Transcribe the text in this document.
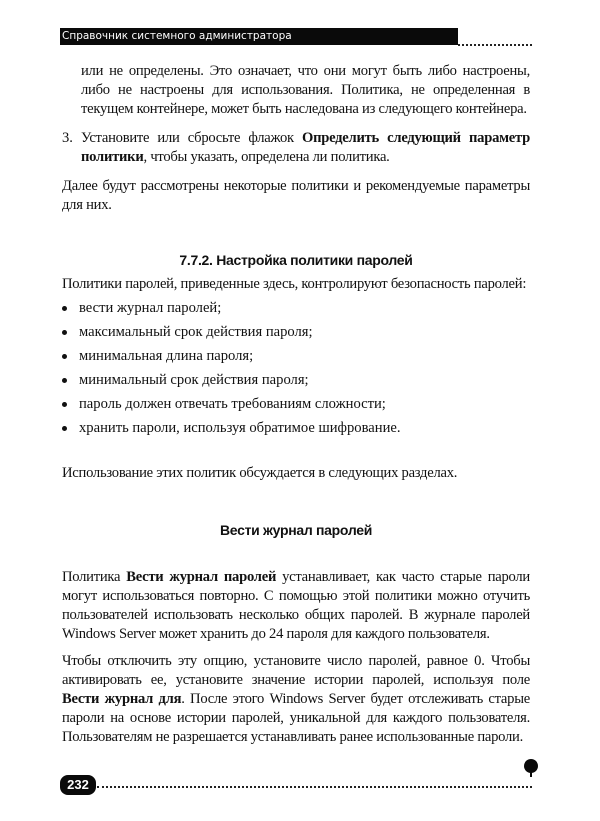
Справочник системного администратора

или не определены. Это означает, что они могут быть либо настроены, либо не настроены для использования. Политика, не определенная в текущем контейнере, может быть наследована из следующего контейнера.

3. Установите или сбросьте флажок Определить следующий параметр политики, чтобы указать, определена ли политика.

Далее будут рассмотрены некоторые политики и рекомендуемые параметры для них.

7.7.2. Настройка политики паролей

Политики паролей, приведенные здесь, контролируют безопасность паролей:

вести журнал паролей;
максимальный срок действия пароля;
минимальная длина пароля;
минимальный срок действия пароля;
пароль должен отвечать требованиям сложности;
хранить пароли, используя обратимое шифрование.

Использование этих политик обсуждается в следующих разделах.

Вести журнал паролей

Политика Вести журнал паролей устанавливает, как часто старые пароли могут использоваться повторно. С помощью этой политики можно отучить пользователей использовать несколько общих паролей. В журнале паролей Windows Server может хранить до 24 пароля для каждого пользователя.

Чтобы отключить эту опцию, установите число паролей, равное 0. Чтобы активировать ее, установите значение истории паролей, используя поле Вести журнал для. После этого Windows Server будет отслеживать старые пароли на основе истории паролей, уникальной для каждого пользователя. Пользователям не разрешается устанавливать ранее использованные пароли.

232
